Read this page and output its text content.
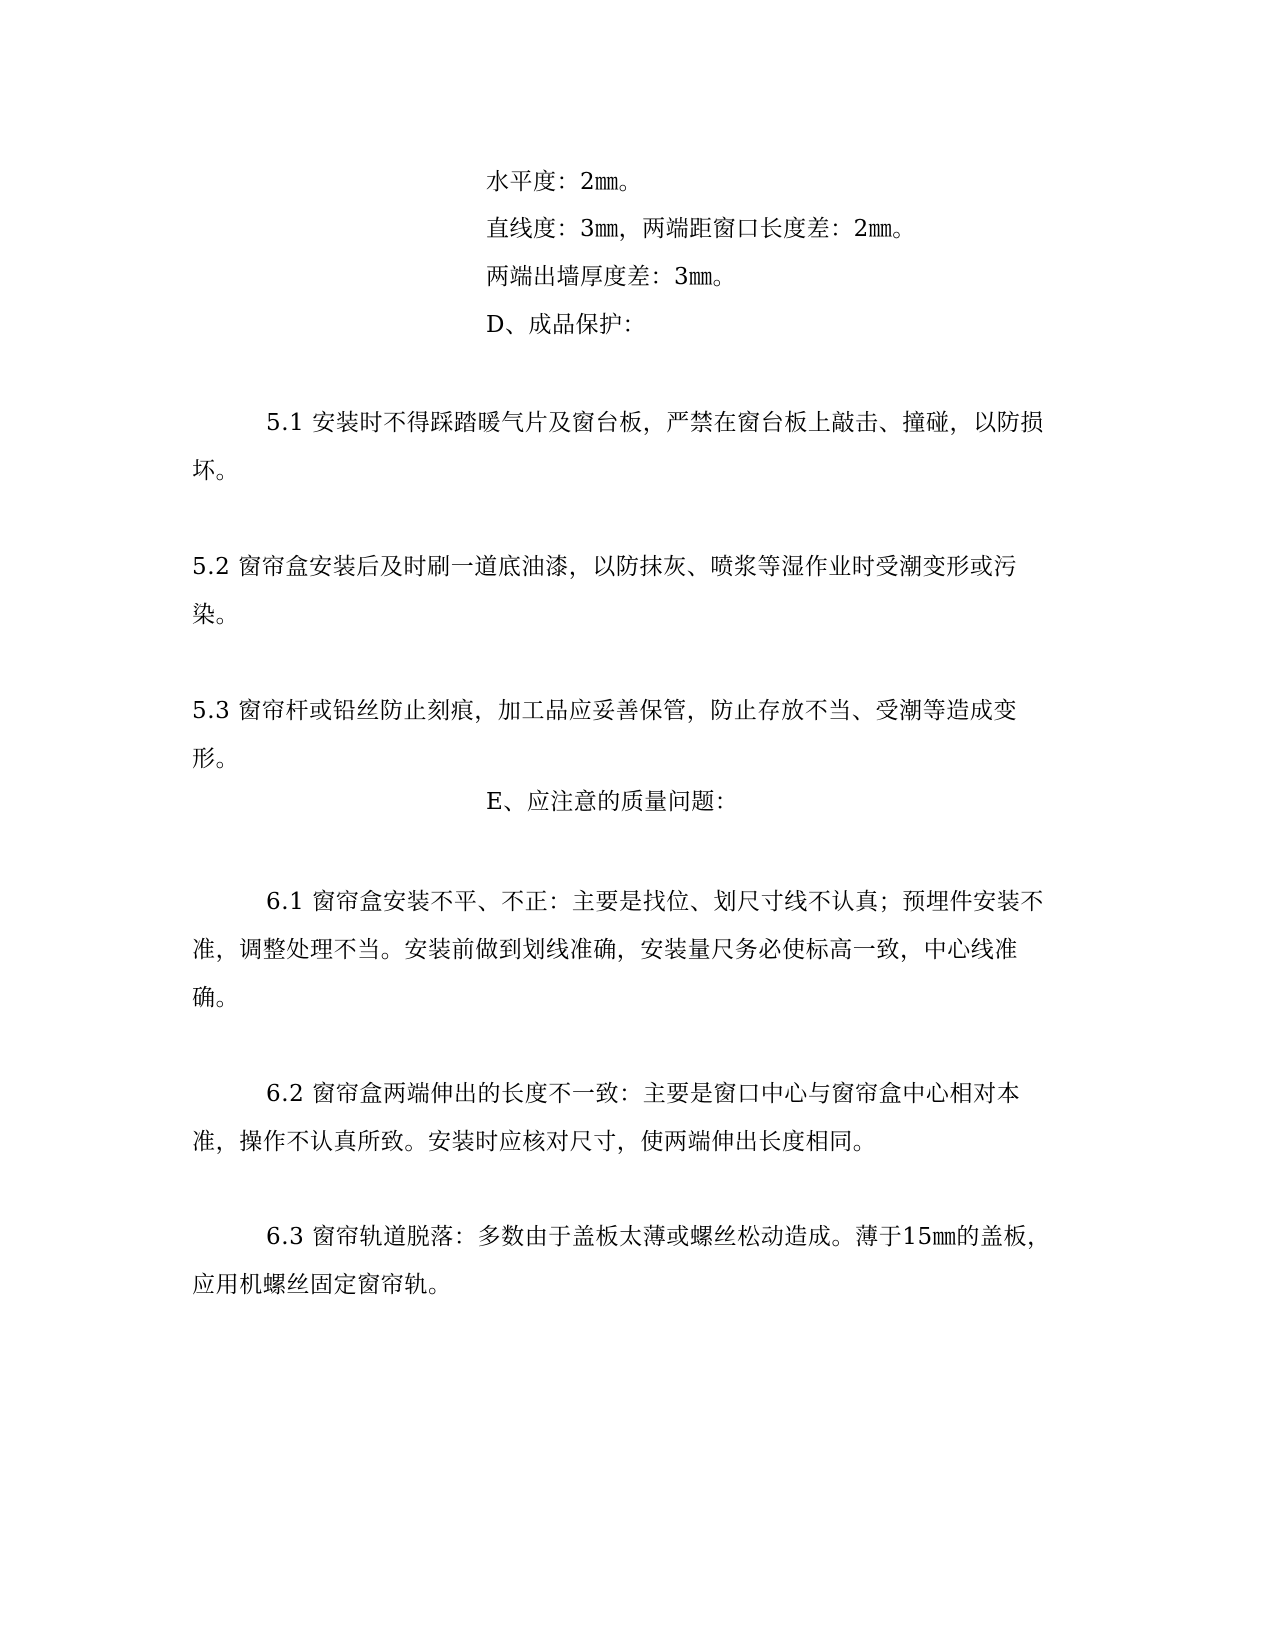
水平度：2㎜。
直线度：3㎜，两端距窗口长度差：2㎜。
两端出墙厚度差：3㎜。
D、成品保护：

5.1 安装时不得踩踏暖气片及窗台板，严禁在窗台板上敲击、撞碰，以防损坏。

5.2 窗帘盒安装后及时刷一道底油漆，以防抹灰、喷浆等湿作业时受潮变形或污染。

5.3 窗帘杆或铅丝防止刻痕，加工品应妥善保管，防止存放不当、受潮等造成变形。

E、应注意的质量问题：

6.1 窗帘盒安装不平、不正：主要是找位、划尺寸线不认真；预埋件安装不准，调整处理不当。安装前做到划线准确，安装量尺务必使标高一致，中心线准确。

6.2 窗帘盒两端伸出的长度不一致：主要是窗口中心与窗帘盒中心相对本准，操作不认真所致。安装时应核对尺寸，使两端伸出长度相同。

6.3 窗帘轨道脱落：多数由于盖板太薄或螺丝松动造成。薄于15㎜的盖板，应用机螺丝固定窗帘轨。
